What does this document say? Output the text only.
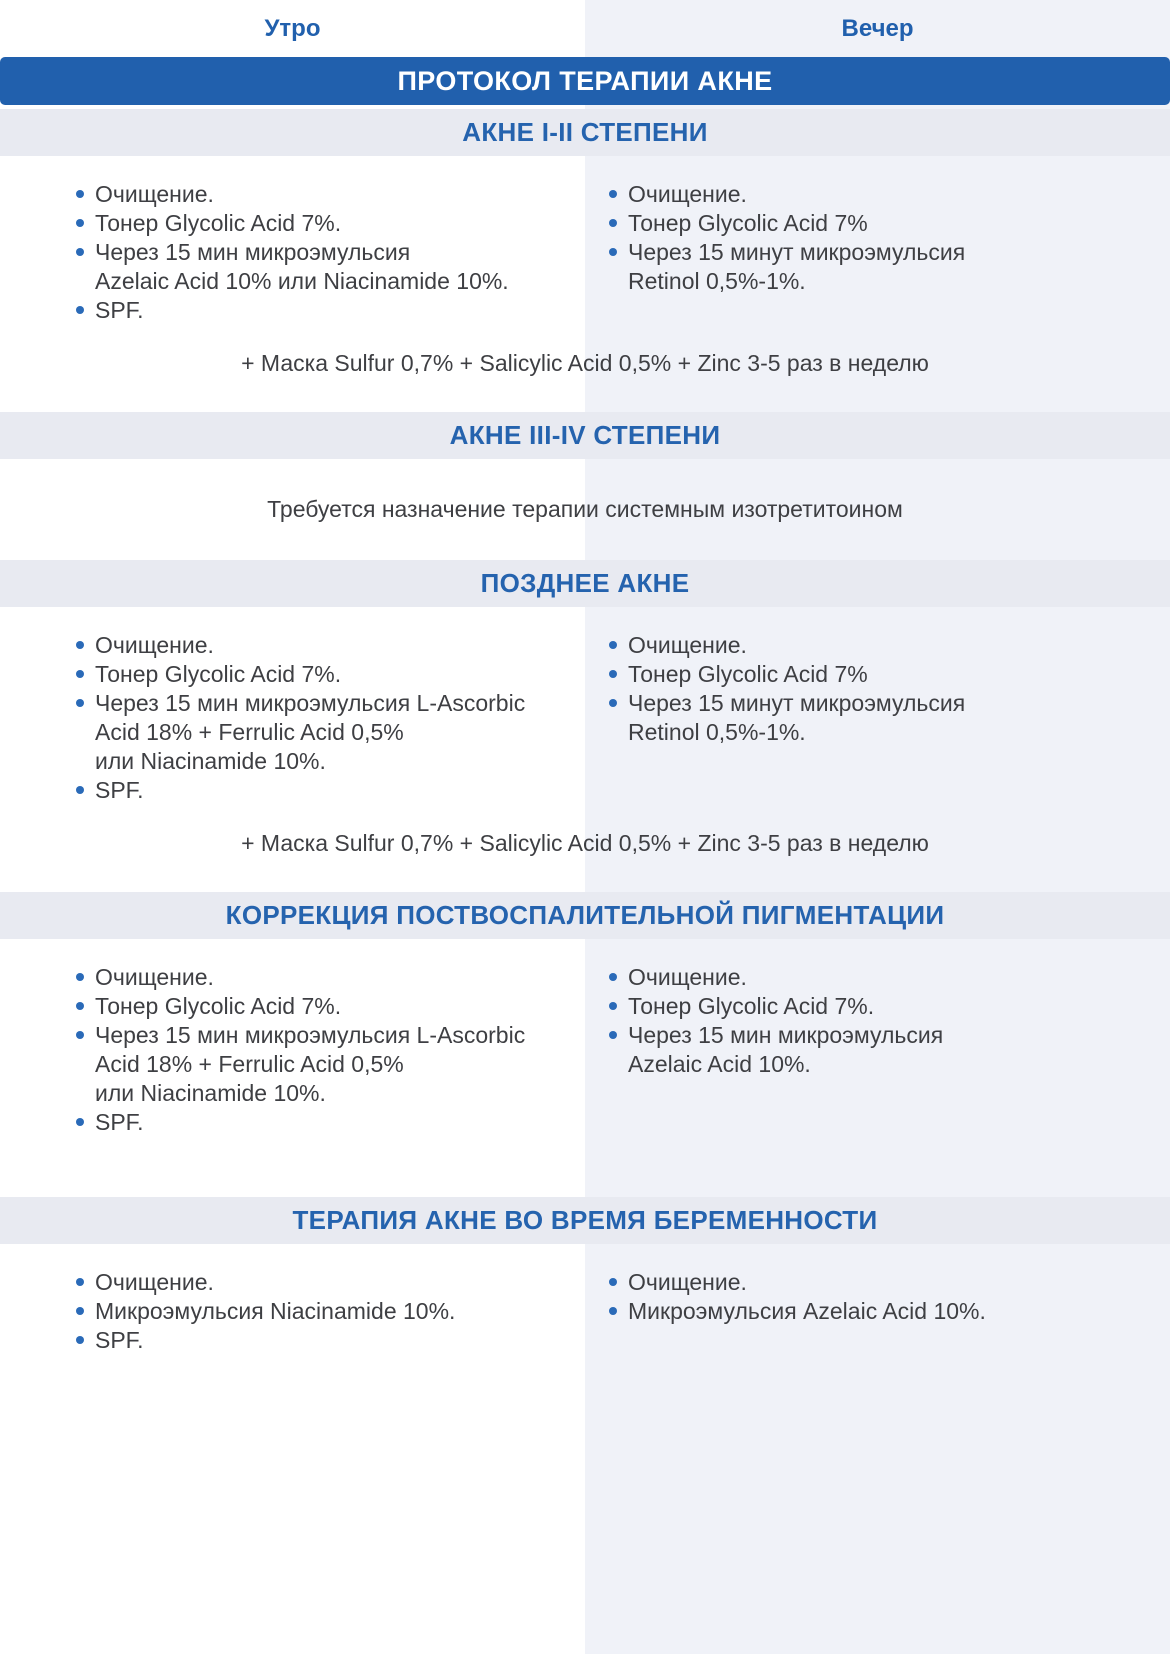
Утро	Вечер
ПРОТОКОЛ ТЕРАПИИ АКНЕ
АКНЕ I-II СТЕПЕНИ
Очищение.
Тонер Glycolic Acid 7%.
Через 15 мин микроэмульсия
Azelaic Acid 10% или Niacinamide 10%.
SPF.
Очищение.
Тонер Glycolic Acid 7%
Через 15 минут микроэмульсия
Retinol 0,5%-1%.

+ Маска Sulfur 0,7% + Salicylic Acid 0,5% + Zinc 3-5 раз в неделю

АКНЕ III-IV СТЕПЕНИ

Требуется назначение терапии системным изотретитоином

ПОЗДНЕЕ АКНЕ
Очищение.
Тонер Glycolic Acid 7%.
Через 15 мин микроэмульсия L-Ascorbic
Acid 18% + Ferrulic Acid 0,5%
или Niacinamide 10%.
SPF.
Очищение.
Тонер Glycolic Acid 7%
Через 15 минут микроэмульсия
Retinol 0,5%-1%.

+ Маска Sulfur 0,7% + Salicylic Acid 0,5% + Zinc 3-5 раз в неделю

КОРРЕКЦИЯ ПОСТВОСПАЛИТЕЛЬНОЙ ПИГМЕНТАЦИИ
Очищение.
Тонер Glycolic Acid 7%.
Через 15 мин микроэмульсия L-Ascorbic
Acid 18% + Ferrulic Acid 0,5%
или Niacinamide 10%.
SPF.
Очищение.
Тонер Glycolic Acid 7%.
Через 15 мин микроэмульсия
Azelaic Acid 10%.
ТЕРАПИЯ АКНЕ ВО ВРЕМЯ БЕРЕМЕННОСТИ
Очищение.
Микроэмульсия Niacinamide 10%.
SPF.
Очищение.
Микроэмульсия Azelaic Acid 10%.
